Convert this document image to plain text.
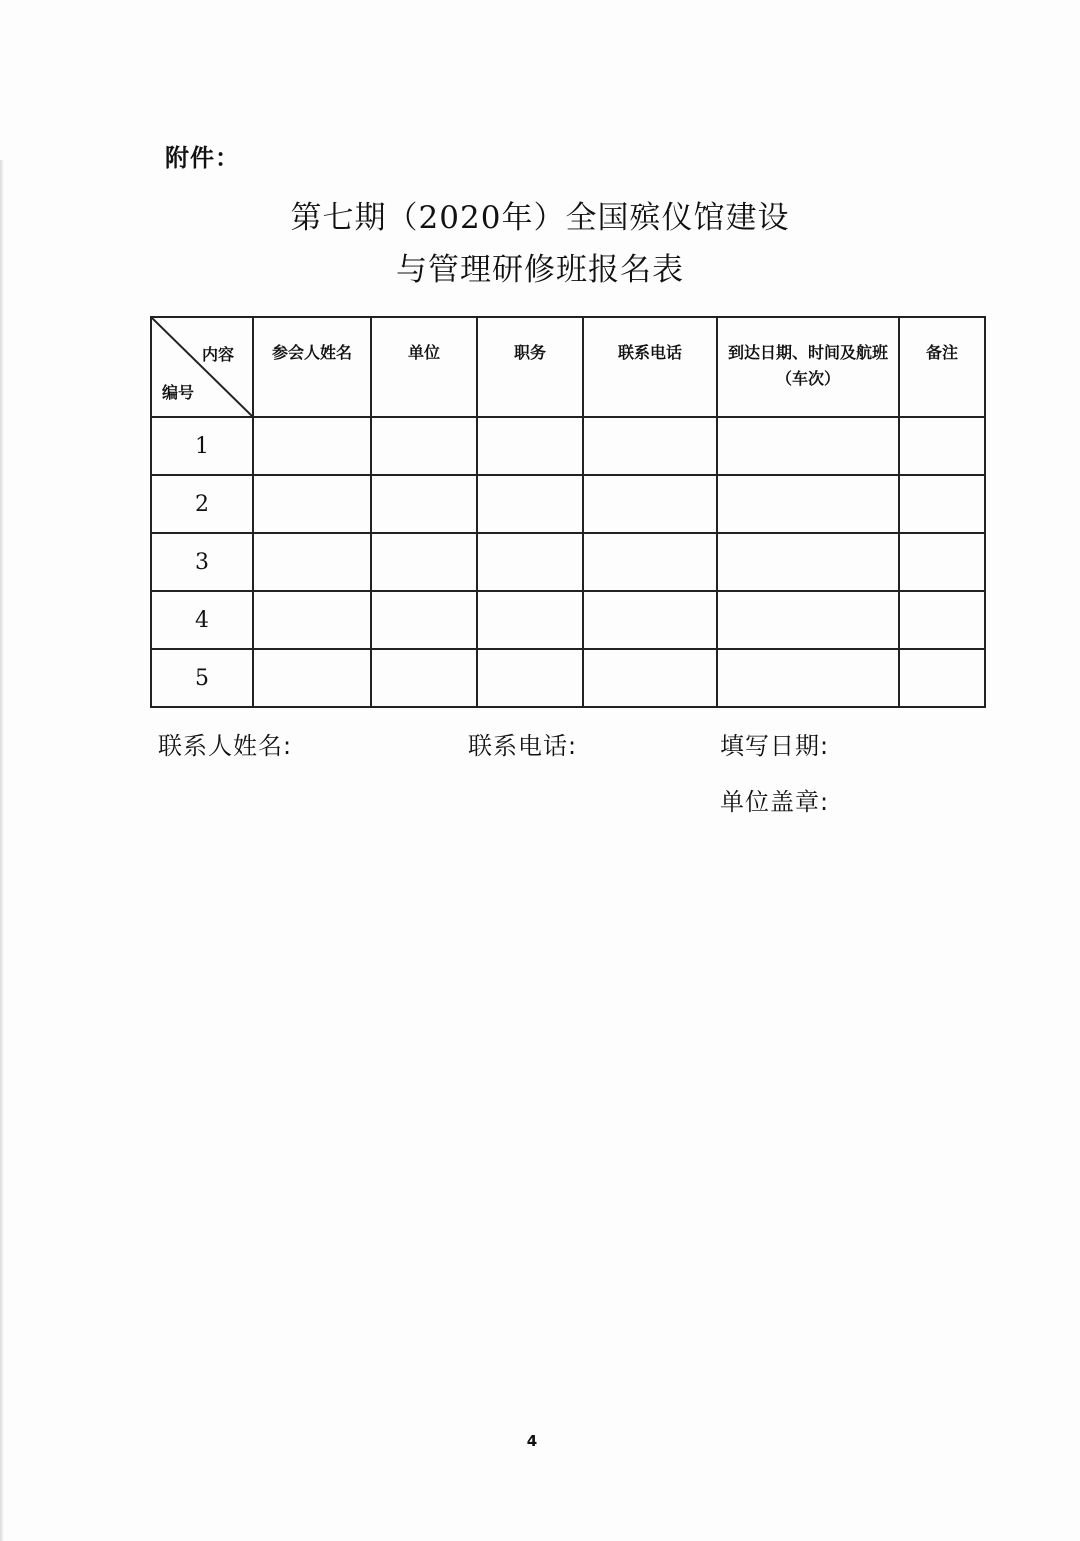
附件：
第七期（2020年）全国殡仪馆建设
与管理研修班报名表
内容
编号	参会人姓名	单位	职务	联系电话	到达日期、时间及航班（车次）	备注
1						
2						
3						
4						
5						
联系人姓名:	联系电话:	填写日期:
单位盖章:
4
